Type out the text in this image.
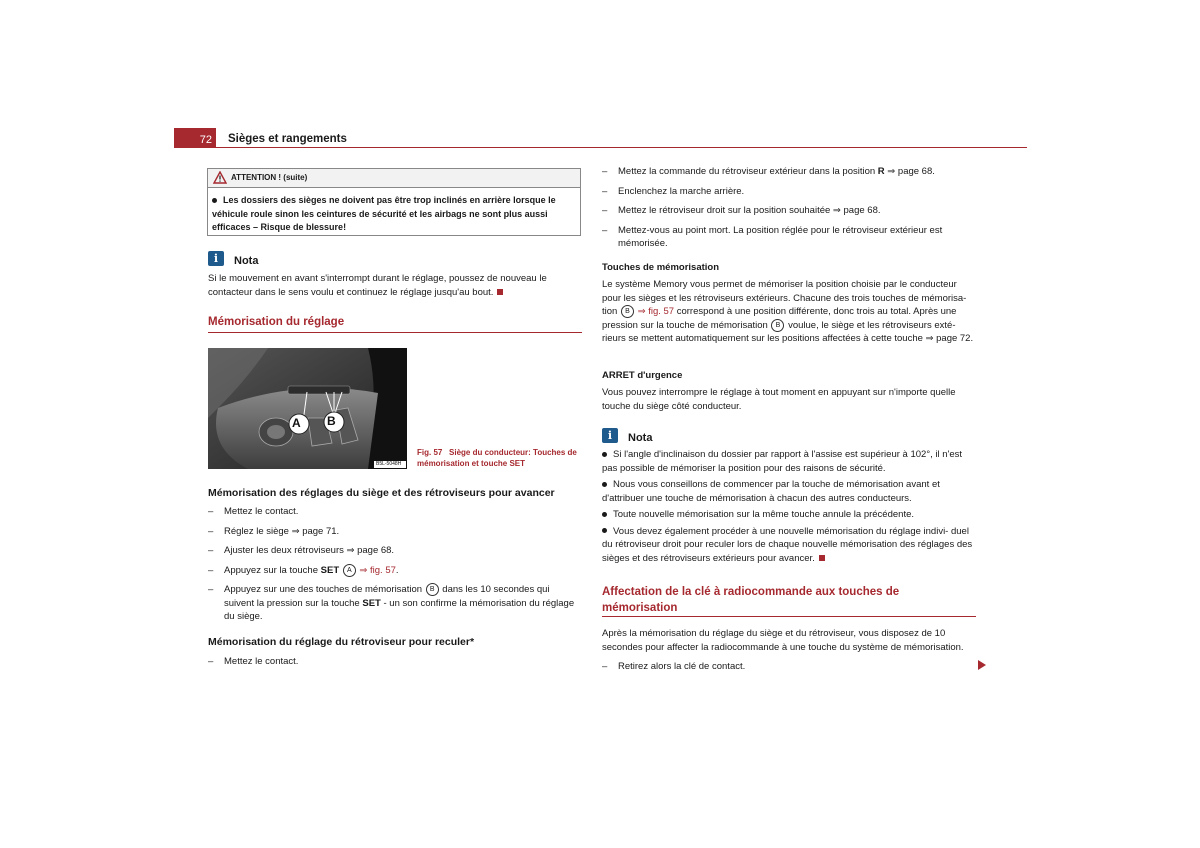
72	Sièges et rangements
ATTENTION ! (suite)
Les dossiers des sièges ne doivent pas être trop inclinés en arrière lorsque le véhicule roule sinon les ceintures de sécurité et les airbags ne sont plus aussi efficaces – Risque de blessure!
i	Nota
Si le mouvement en avant s'interrompt durant le réglage, poussez de nouveau le contacteur dans le sens voulu et continuez le réglage jusqu'au bout.
Mémorisation du réglage
A B
B5L-5048H
Fig. 57 Siège du conducteur: Touches de mémorisation et touche SET
Mémorisation des réglages du siège et des rétroviseurs pour avancer
– Mettez le contact.
– Réglez le siège ⇒ page 71.
– Ajuster les deux rétroviseurs ⇒ page 68.
– Appuyez sur la touche SET A ⇒ fig. 57.
– Appuyez sur une des touches de mémorisation B dans les 10 secondes qui suivent la pression sur la touche SET - un son confirme la mémorisation du réglage du siège.
Mémorisation du réglage du rétroviseur pour reculer*
– Mettez le contact.
– Mettez la commande du rétroviseur extérieur dans la position R ⇒ page 68.
– Enclenchez la marche arrière.
– Mettez le rétroviseur droit sur la position souhaitée ⇒ page 68.
– Mettez-vous au point mort. La position réglée pour le rétroviseur extérieur est mémorisée.
Touches de mémorisation
Le système Memory vous permet de mémoriser la position choisie par le conducteur pour les sièges et les rétroviseurs extérieurs. Chacune des trois touches de mémorisa- tion B ⇒ fig. 57 correspond à une position différente, donc trois au total. Après une pression sur la touche de mémorisation B voulue, le siège et les rétroviseurs exté- rieurs se mettent automatiquement sur les positions affectées à cette touche ⇒ page 72.
ARRET d'urgence
Vous pouvez interrompre le réglage à tout moment en appuyant sur n'importe quelle touche du siège côté conducteur.
i	Nota
Si l'angle d'inclinaison du dossier par rapport à l'assise est supérieur à 102°, il n'est pas possible de mémoriser la position pour des raisons de sécurité.
Nous vous conseillons de commencer par la touche de mémorisation avant et d'attribuer une touche de mémorisation à chacun des autres conducteurs.
Toute nouvelle mémorisation sur la même touche annule la précédente.
Vous devez également procéder à une nouvelle mémorisation du réglage indivi- duel du rétroviseur droit pour reculer lors de chaque nouvelle mémorisation des réglages des sièges et des rétroviseurs extérieurs pour avancer.
Affectation de la clé à radiocommande aux touches de mémorisation
Après la mémorisation du réglage du siège et du rétroviseur, vous disposez de 10 secondes pour affecter la radiocommande à une touche du système de mémorisation.
– Retirez alors la clé de contact.
